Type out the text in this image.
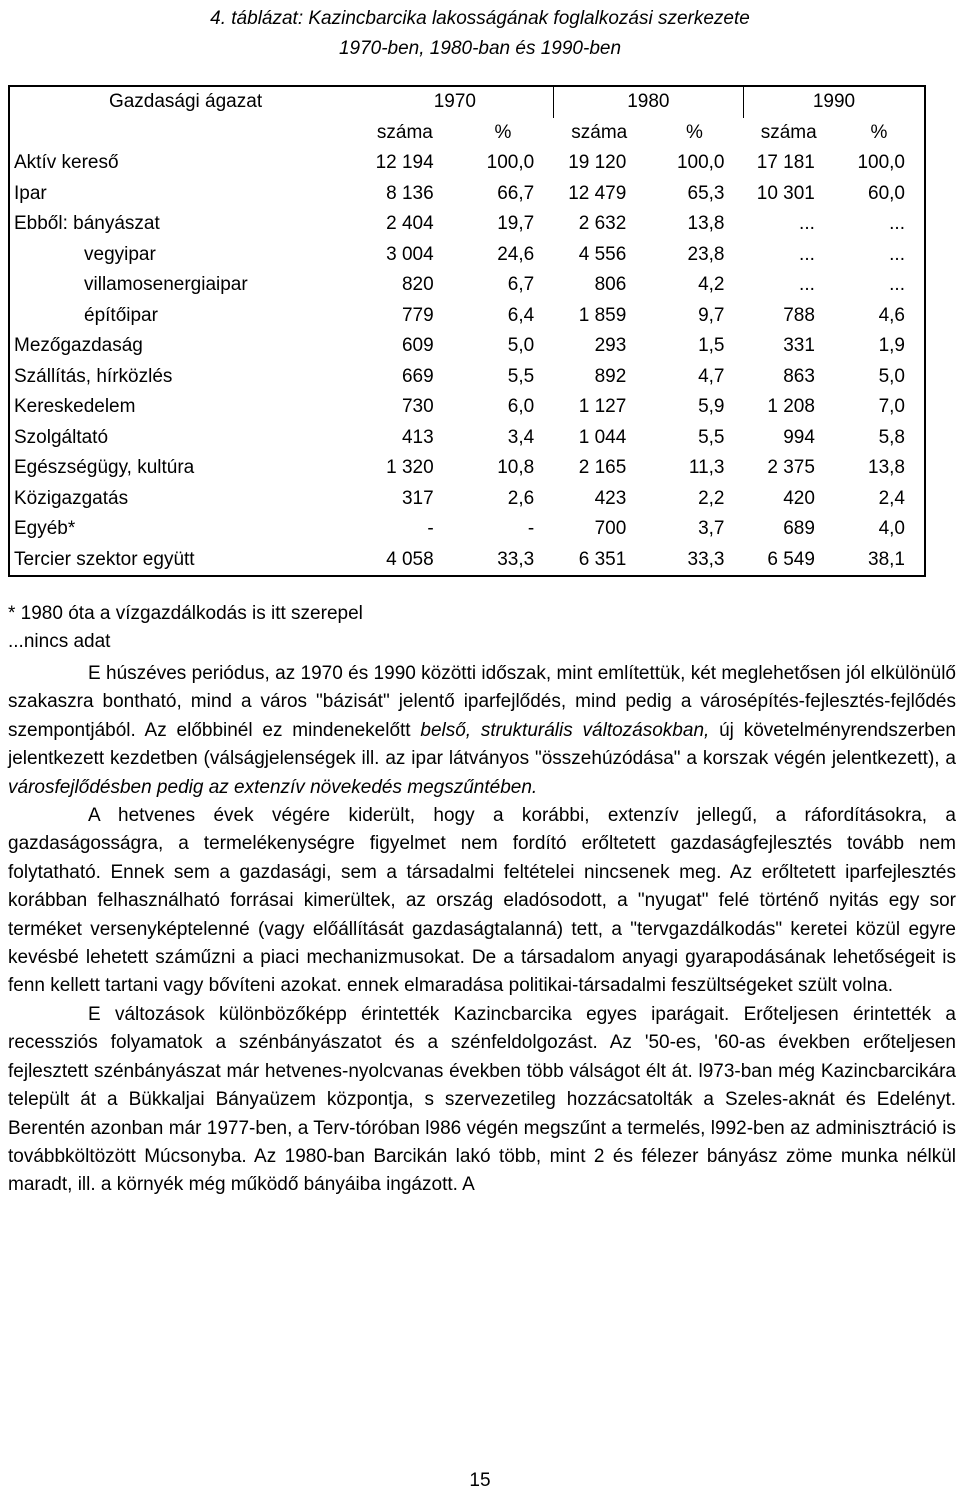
4. táblázat: Kazincbarcika lakosságának foglalkozási szerkezete
1970-ben, 1980-ban és 1990-ben
Gazdasági ágazat	1970		1980		1990	
	száma	%	száma	%	száma	%
Aktív kereső	12 194	100,0	19 120	100,0	17 181	100,0
Ipar	8 136	66,7	12 479	65,3	10 301	60,0
Ebből: bányászat	2 404	19,7	2 632	13,8	...	...
vegyipar	3 004	24,6	4 556	23,8	...	...
villamosenergiaipar	820	6,7	806	4,2	...	...
építőipar	779	6,4	1 859	9,7	788	4,6
Mezőgazdaság	609	5,0	293	1,5	331	1,9
Szállítás, hírközlés	669	5,5	892	4,7	863	5,0
Kereskedelem	730	6,0	1 127	5,9	1 208	7,0
Szolgáltató	413	3,4	1 044	5,5	994	5,8
Egészségügy, kultúra	1 320	10,8	2 165	11,3	2 375	13,8
Közigazgatás	317	2,6	423	2,2	420	2,4
Egyéb*	-	-	700	3,7	689	4,0
Tercier szektor együtt	4 058	33,3	6 351	33,3	6 549	38,1

* 1980 óta a vízgazdálkodás is itt szerepel

...nincs adat

E húszéves periódus, az 1970 és 1990 közötti időszak, mint említettük, két meglehetősen jól elkülönülő szakaszra bontható, mind a város "bázisát" jelentő iparfejlődés, mind pedig a városépítés-fejlesztés-fejlődés szempontjából. Az előbbinél ez mindenekelőtt belső, strukturális változásokban, új követelményrendszerben jelentkezett kezdetben (válságjelenségek ill. az ipar látványos "összehúzódása" a korszak végén jelentkezett), a városfejlődésben pedig az extenzív növekedés megszűntében.

A hetvenes évek végére kiderült, hogy a korábbi, extenzív jellegű, a ráfordításokra, a gazdaságosságra, a termelékenységre figyelmet nem fordító erőltetett gazdaságfejlesztés tovább nem folytatható. Ennek sem a gazdasági, sem a társadalmi feltételei nincsenek meg. Az erőltetett iparfejlesztés korábban felhasználható forrásai kimerültek, az ország eladósodott, a "nyugat" felé történő nyitás egy sor terméket versenyképtelenné (vagy előállítását gazdaságtalanná) tett, a "tervgazdálkodás" keretei közül egyre kevésbé lehetett száműzni a piaci mechanizmusokat. De a társadalom anyagi gyarapodásának lehetőségeit is fenn kellett tartani vagy bővíteni azokat. ennek elmaradása politikai-társadalmi feszültségeket szült volna.

E változások különbözőképp érintették Kazincbarcika egyes iparágait. Erőteljesen érintették a recessziós folyamatok a szénbányászatot és a szénfeldolgozást. Az '50-es, '60-as években erőteljesen fejlesztett szénbányászat már hetvenes-nyolcvanas években több válságot élt át. l973-ban még Kazincbarcikára települt át a Bükkaljai Bányaüzem központja, s szervezetileg hozzácsatolták a Szeles-aknát és Edelényt. Berentén azonban már 1977-ben, a Terv-tóróban l986 végén megszűnt a termelés, l992-ben az adminisztráció is továbbköltözött Múcsonyba. Az 1980-ban Barcikán lakó több, mint 2 és félezer bányász zöme munka nélkül maradt, ill. a környék még működő bányáiba ingázott. A

15
